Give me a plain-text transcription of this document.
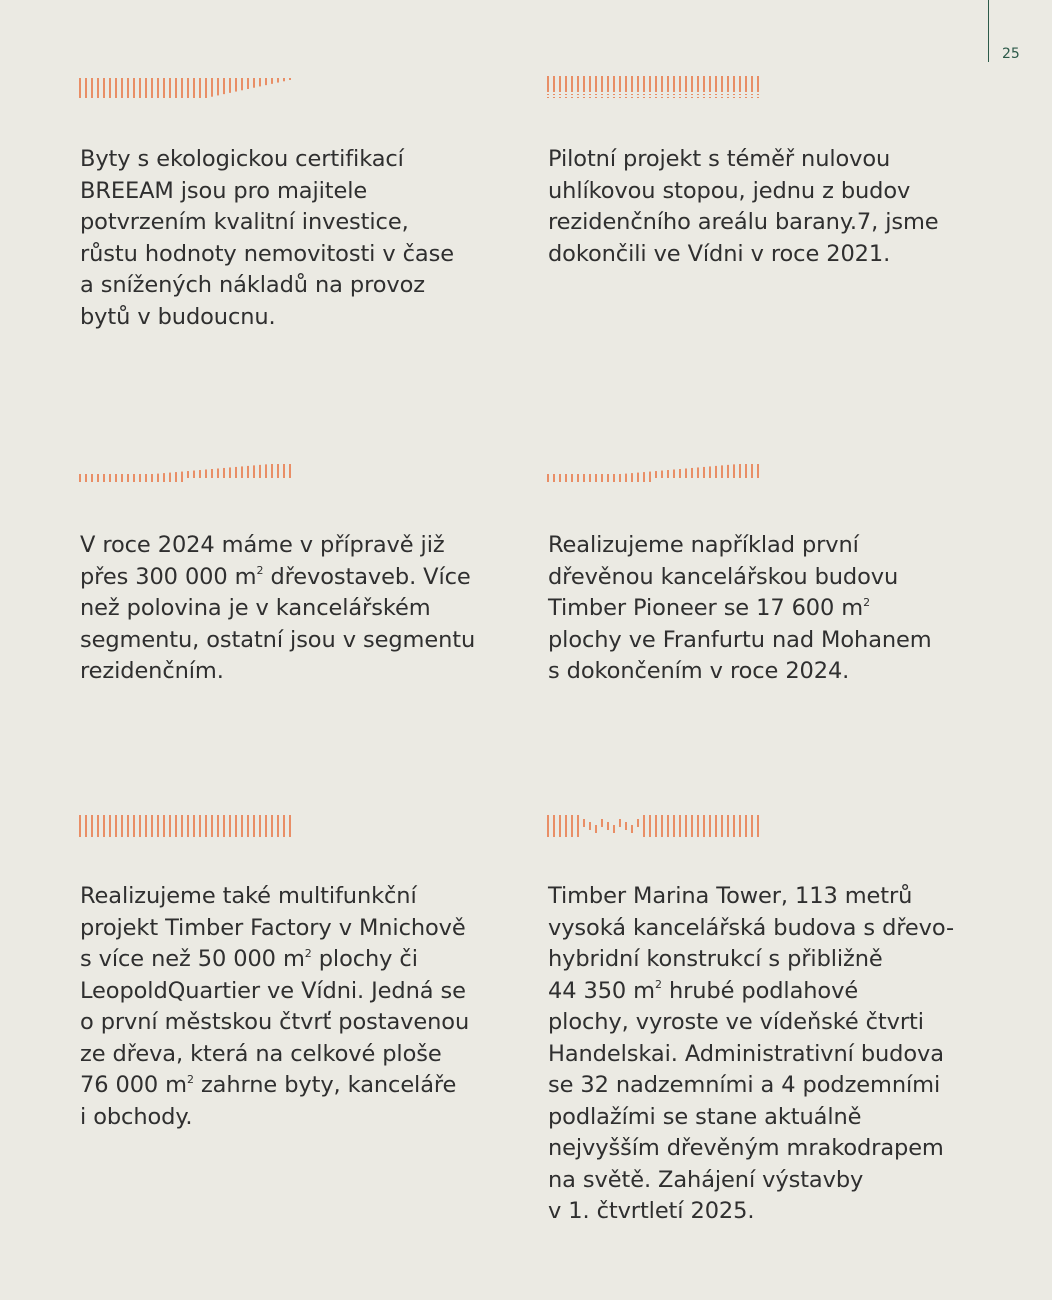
25

Byty s ekologickou certifikací
BREEAM jsou pro majitele
potvrzením kvalitní investice,
růstu hodnoty nemovitosti v čase
a snížených nákladů na provoz
bytů v budoucnu.

Pilotní projekt s téměř nulovou
uhlíkovou stopou, jednu z budov
rezidenčního areálu barany.7, jsme
dokončili ve Vídni v roce 2021.

V roce 2024 máme v přípravě již
přes 300 000 $m^2$ dřevostaveb. Více
než polovina je v kancelářském
segmentu, ostatní jsou v segmentu
rezidenčním.

Realizujeme například první
dřevěnou kancelářskou budovu
Timber Pioneer se 17 600 $m^2$
plochy ve Franfurtu nad Mohanem
s dokončením v roce 2024.

Realizujeme také multifunkční
projekt Timber Factory v Mnichově
s více než 50 000 $m^2$ plochy či
LeopoldQuartier ve Vídni. Jedná se
o první městskou čtvrť postavenou
ze dřeva, která na celkové ploše
76 000 $m^2$ zahrne byty, kanceláře
i obchody.

Timber Marina Tower, 113 metrů
vysoká kancelářská budova s dřevo-
hybridní konstrukcí s přibližně
44 350 $m^2$ hrubé podlahové
plochy, vyroste ve vídeňské čtvrti
Handelskai. Administrativní budova
se 32 nadzemními a 4 podzemními
podlažími se stane aktuálně
nejvyšším dřevěným mrakodrapem
na světě. Zahájení výstavby
v 1. čtvrtletí 2025.
